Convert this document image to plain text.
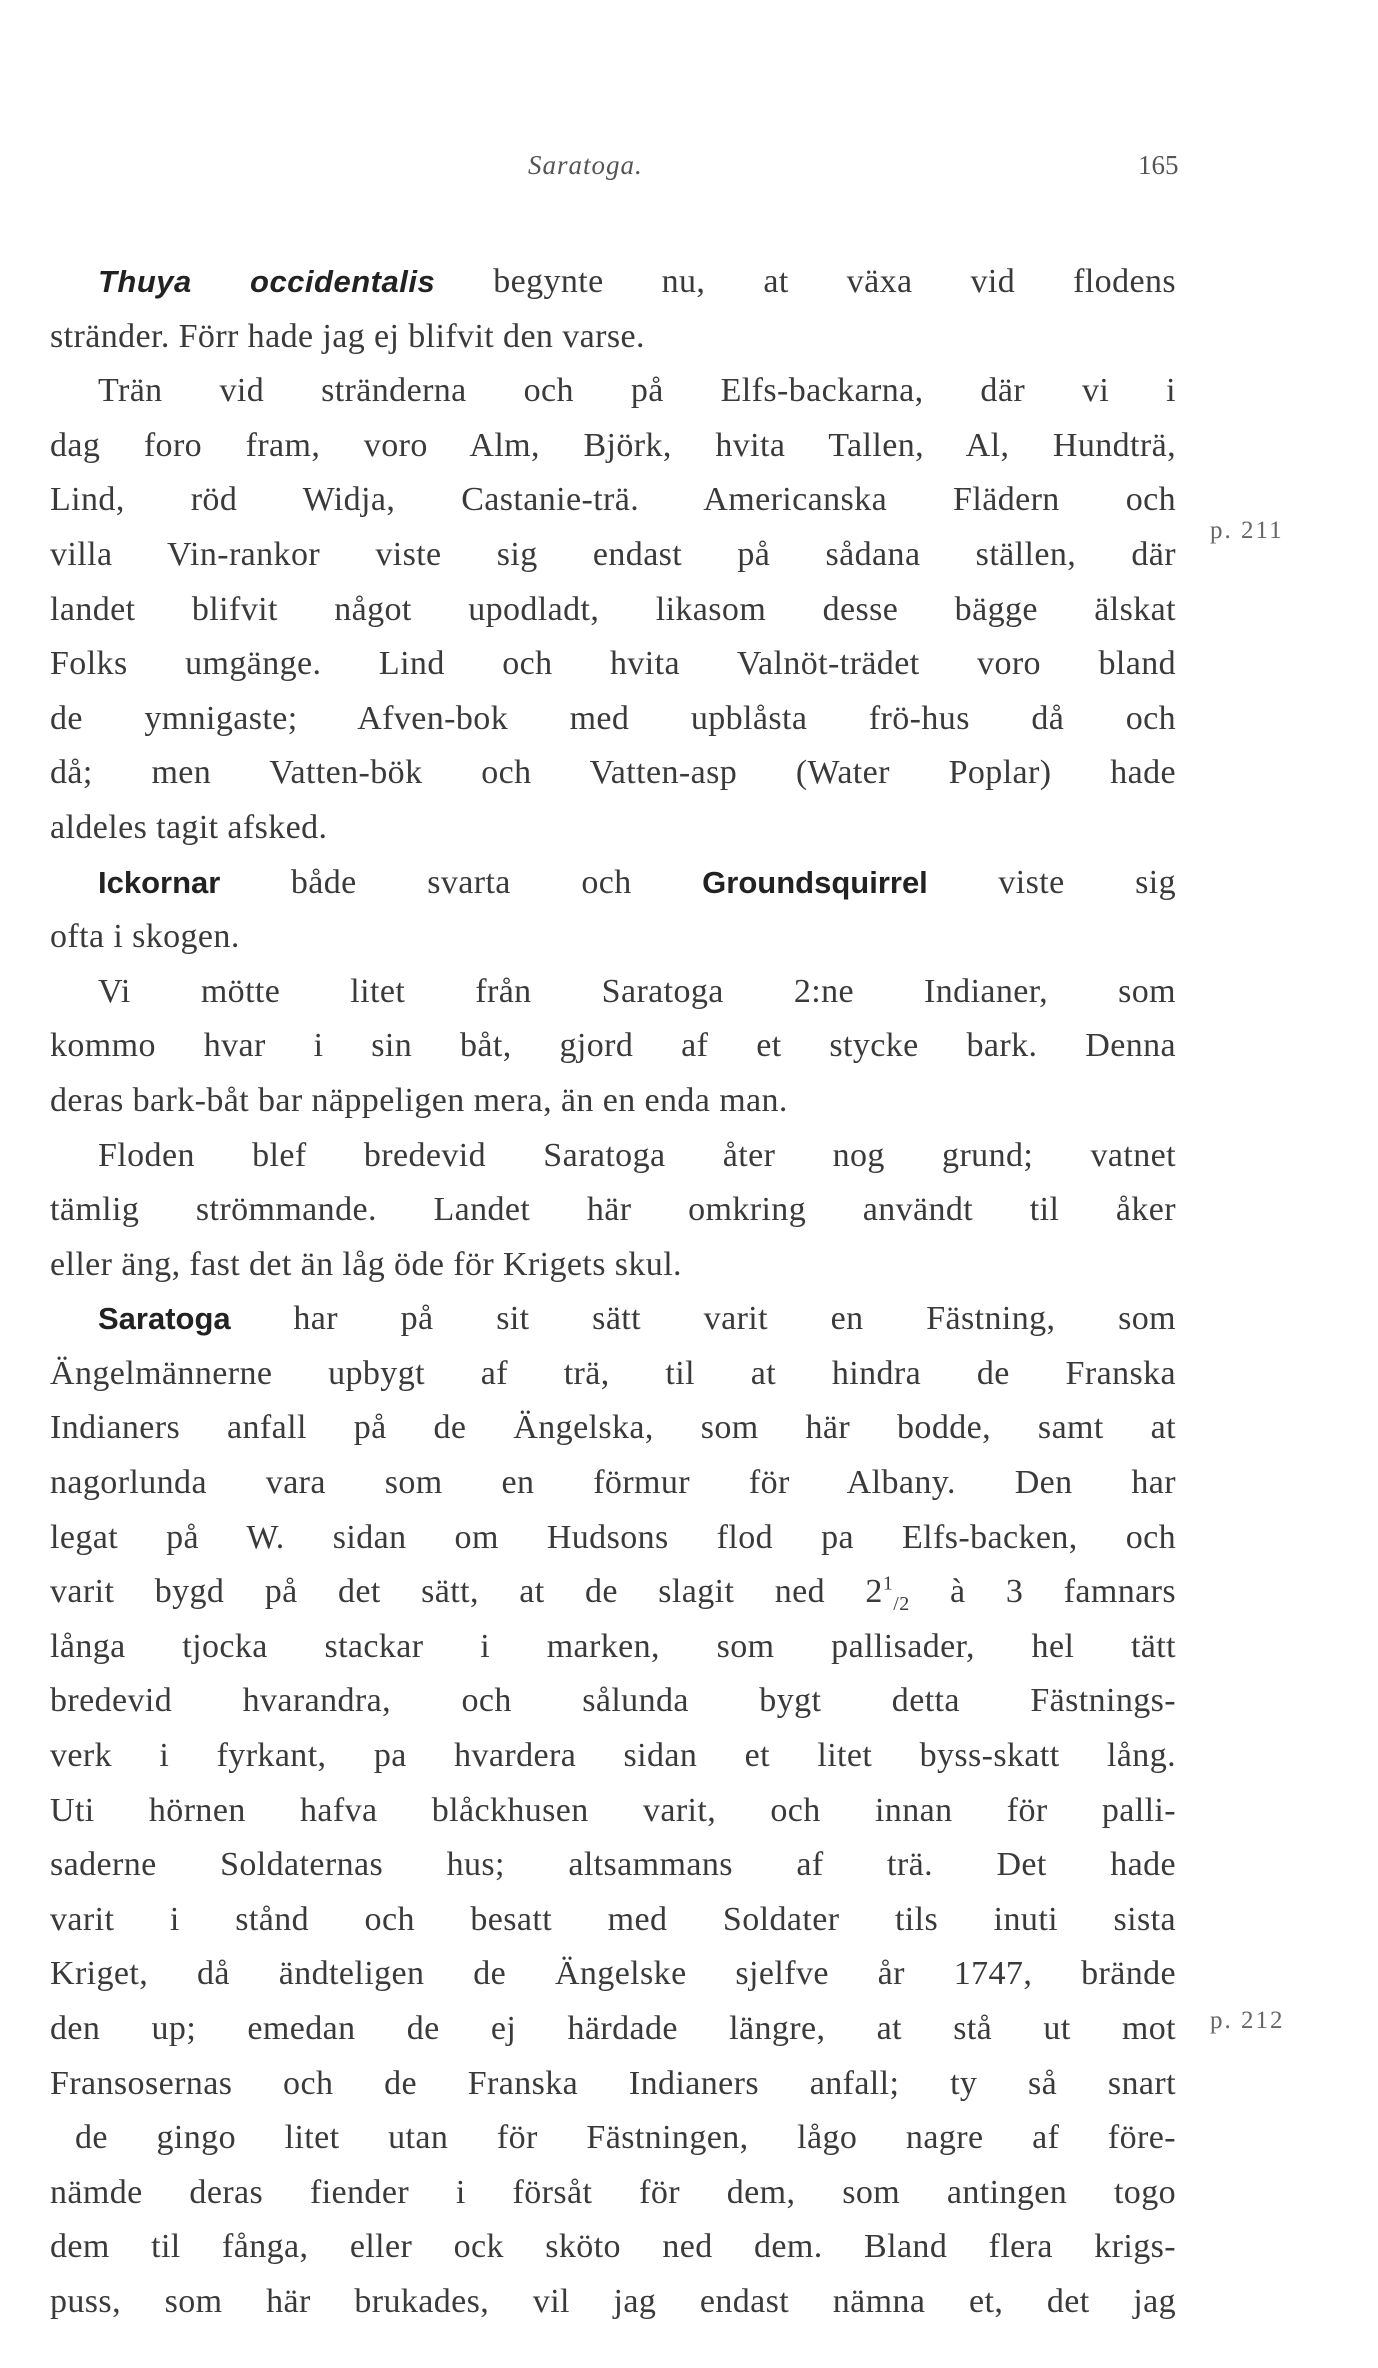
Saratoga.	165
p. 211
p. 212
Thuya occidentalis begynte nu, at växa vid flodens
stränder. Förr hade jag ej blifvit den varse.
Trän vid stränderna och på Elfs-backarna, där vi i
dag foro fram, voro Alm, Björk, hvita Tallen, Al, Hundträ,
Lind, röd Widja, Castanie-trä. Americanska Flädern och
villa Vin-rankor viste sig endast på sådana ställen, där
landet blifvit något upodladt, likasom desse bägge älskat
Folks umgänge. Lind och hvita Valnöt-trädet voro bland
de ymnigaste; Afven-bok med upblåsta frö-hus då och
då; men Vatten-bök och Vatten-asp (Water Poplar) hade
aldeles tagit afsked.
Ickornar både svarta och Groundsquirrel viste sig
ofta i skogen.
Vi mötte litet från Saratoga 2:ne Indianer, som
kommo hvar i sin båt, gjord af et stycke bark. Denna
deras bark-båt bar näppeligen mera, än en enda man.
Floden blef bredevid Saratoga åter nog grund; vatnet
tämlig strömmande. Landet här omkring användt til åker
eller äng, fast det än låg öde för Krigets skul.
Saratoga har på sit sätt varit en Fästning, som
Ängelmännerne upbygt af trä, til at hindra de Franska
Indianers anfall på de Ängelska, som här bodde, samt at
nagorlunda vara som en förmur för Albany. Den har
legat på W. sidan om Hudsons flod pa Elfs-backen, och
varit bygd på det sätt, at de slagit ned $2^1_{/2}$ à 3 famnars
långa tjocka stackar i marken, som pallisader, hel tätt
bredevid hvarandra, och sålunda bygt detta Fästnings-
verk i fyrkant, pa hvardera sidan et litet byss-skatt lång.
Uti hörnen hafva blåckhusen varit, och innan för palli-
saderne Soldaternas hus; altsammans af trä. Det hade
varit i stånd och besatt med Soldater tils inuti sista
Kriget, då ändteligen de Ängelske sjelfve år 1747, brände
den up; emedan de ej härdade längre, at stå ut mot
Fransosernas och de Franska Indianers anfall; ty så snart
de gingo litet utan för Fästningen, lågo nagre af före-
nämde deras fiender i försåt för dem, som antingen togo
dem til fånga, eller ock sköto ned dem. Bland flera krigs-
puss, som här brukades, vil jag endast nämna et, det jag
